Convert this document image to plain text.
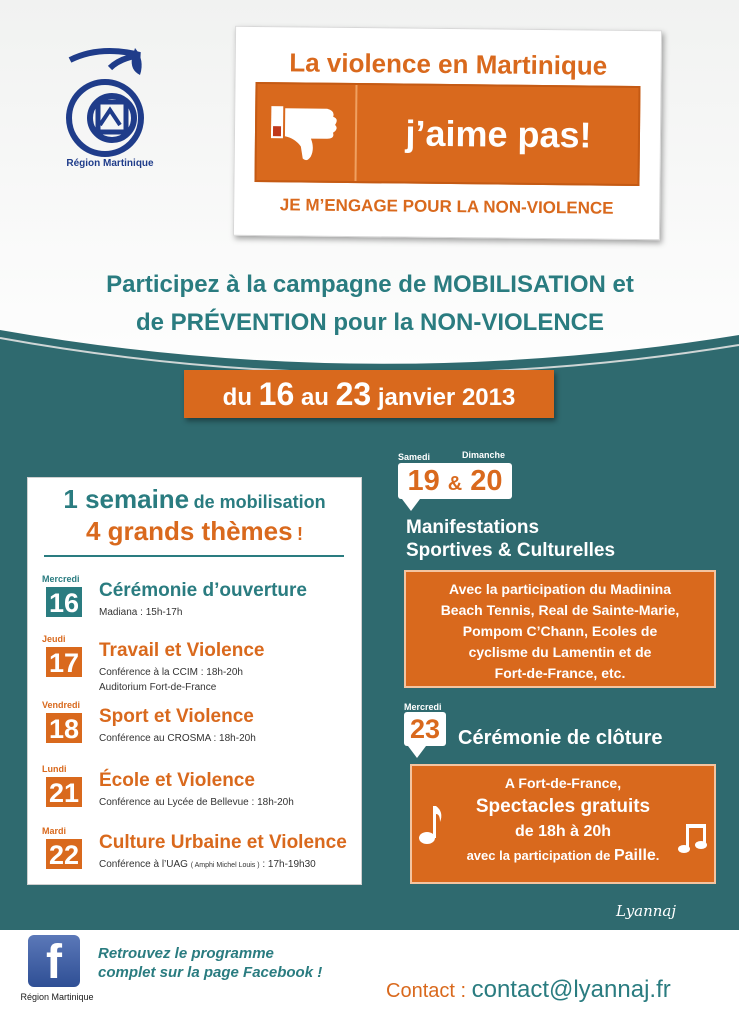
Région Martinique
La violence en Martinique
j’aime pas!
JE M’ENGAGE POUR LA NON-VIOLENCE
Participez à la campagne de MOBILISATION et
de PRÉVENTION pour la NON-VIOLENCE
du 16 au 23 janvier 2013
1 semaine de mobilisation
4 grands thèmes !
Mercredi
16 Cérémonie d’ouverture
Madiana : 15h-17h
Jeudi
17 Travail et Violence
Conférence à la CCIM : 18h-20h
Auditorium Fort-de-France
Vendredi
18 Sport et Violence
Conférence au CROSMA : 18h-20h
Lundi
21 École et Violence
Conférence au Lycée de Bellevue : 18h-20h
Mardi
22 Culture Urbaine et Violence
Conférence à l’UAG ( Amphi Michel Louis ) : 17h-19h30
Samedi	Dimanche
19 & 20
Manifestations
Sportives & Culturelles
Avec la participation du Madinina
Beach Tennis, Real de Sainte-Marie,
Pompom C’Chann, Ecoles de
cyclisme du Lamentin et de
Fort-de-France, etc.
Mercredi
23 Cérémonie de clôture
A Fort-de-France,
Spectacles gratuits
de 18h à 20h
avec la participation de Paille.
Lyannaj
f
Région Martinique
Retrouvez le programme
complet sur la page Facebook !
Contact : contact@lyannaj.fr
